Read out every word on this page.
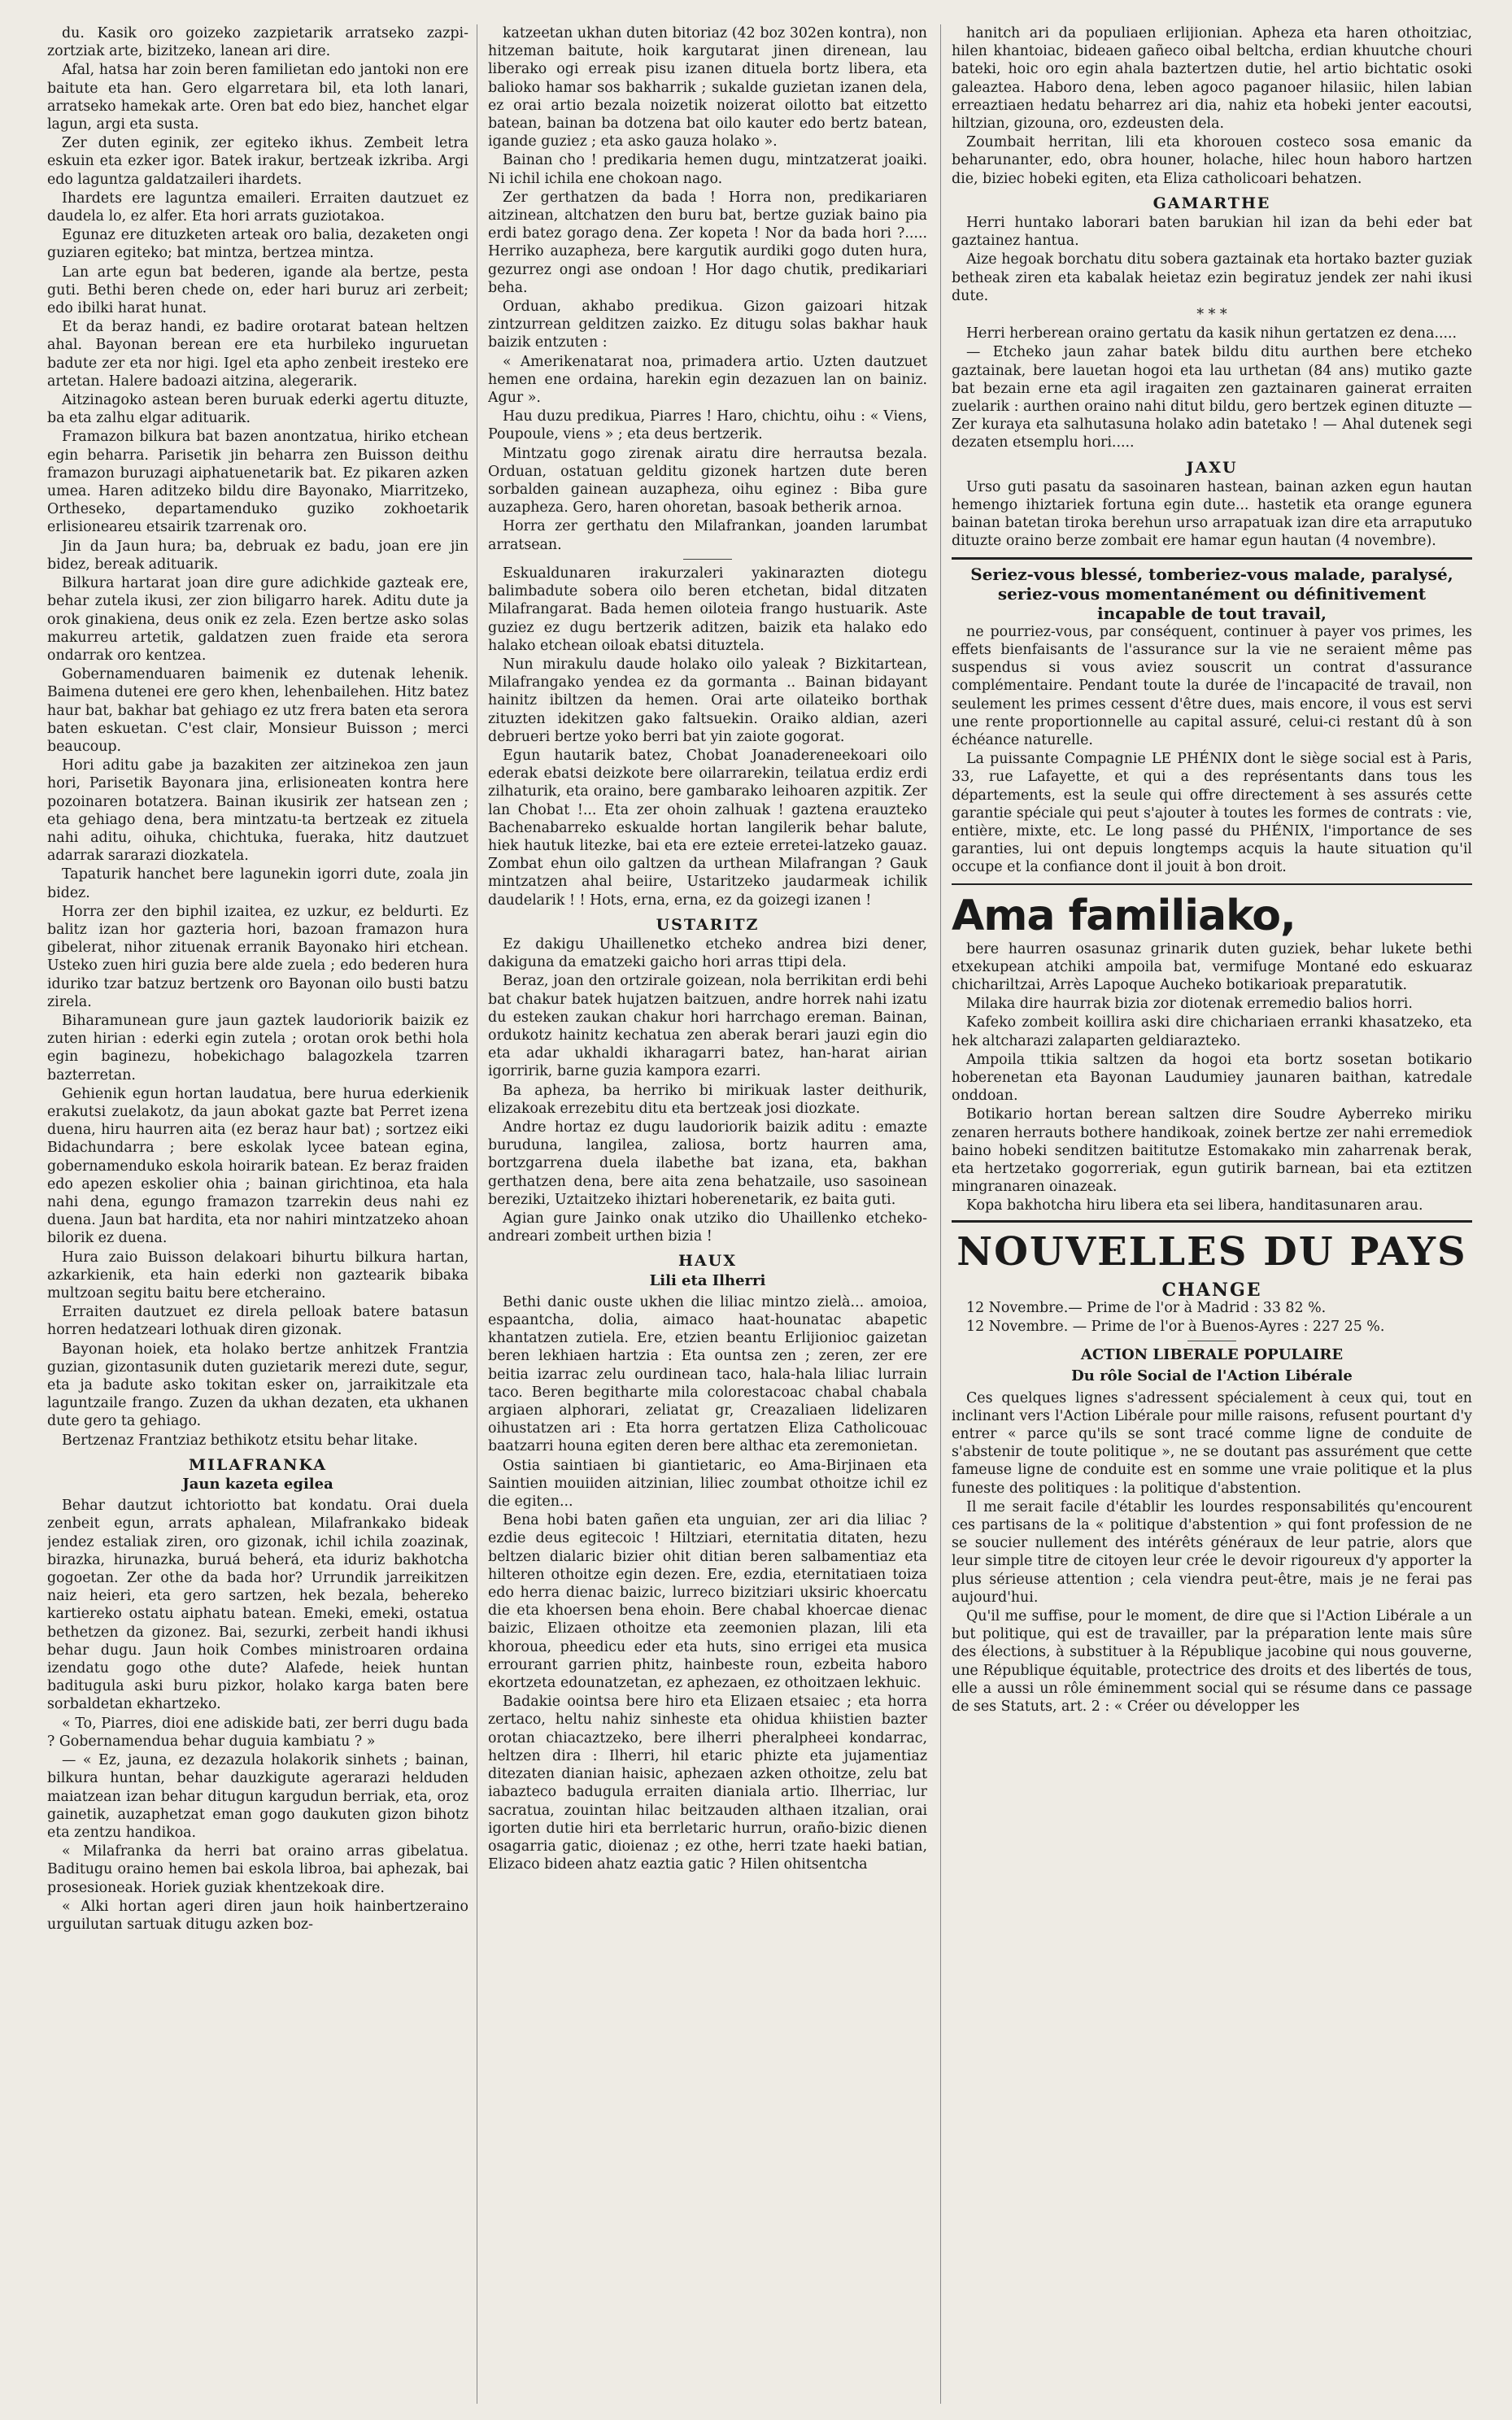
du. Kasik oro goizeko zazpietarik arratseko zazpi-zortziak arte, bizitzeko, lanean ari dire.

Afal, hatsa har zoin beren familietan edo jantoki non ere baitute eta han. Gero elgarretara bil, eta loth lanari, arratseko hamekak arte. Oren bat edo biez, hanchet elgar lagun, argi eta susta.

Zer duten eginik, zer egiteko ikhus. Zembeit letra eskuin eta ezker igor. Batek irakur, bertzeak izkriba. Argi edo laguntza galdatzaileri ihardets.

Ihardets ere laguntza emaileri. Erraiten dautzuet ez daudela lo, ez alfer. Eta hori arrats guziotakoa.

Egunaz ere dituzketen arteak oro balia, dezaketen ongi guziaren egiteko; bat mintza, bertzea mintza.

Lan arte egun bat bederen, igande ala bertze, pesta guti. Bethi beren chede on, eder hari buruz ari zerbeit; edo ibilki harat hunat.

Et da beraz handi, ez badire orotarat batean heltzen ahal. Bayonan berean ere eta hurbileko inguruetan badute zer eta nor higi. Igel eta apho zenbeit iresteko ere artetan. Halere badoazi aitzina, alegerarik.

Aitzinagoko astean beren buruak ederki agertu dituzte, ba eta zalhu elgar adituarik.

Framazon bilkura bat bazen anontzatua, hiriko etchean egin beharra. Parisetik jin beharra zen Buisson deithu framazon buruzagi aiphatuenetarik bat. Ez pikaren azken umea. Haren aditzeko bildu dire Bayonako, Miarritzeko, Ortheseko, departamenduko guziko zokhoetarik erlisioneareu etsairik tzarrenak oro.

Jin da Jaun hura; ba, debruak ez badu, joan ere jin bidez, bereak adituarik.

Bilkura hartarat joan dire gure adichkide gazteak ere, behar zutela ikusi, zer zion biligarro harek. Aditu dute ja orok ginakiena, deus onik ez zela. Ezen bertze asko solas makurreu artetik, galdatzen zuen fraide eta serora ondarrak oro kentzea.

Gobernamenduaren baimenik ez dutenak lehenik. Baimena dutenei ere gero khen, lehenbailehen. Hitz batez haur bat, bakhar bat gehiago ez utz frera baten eta serora baten eskuetan. C'est clair, Monsieur Buisson ; merci beaucoup.

Hori aditu gabe ja bazakiten zer aitzinekoa zen jaun hori, Parisetik Bayonara jina, erlisioneaten kontra here pozoinaren botatzera. Bainan ikusirik zer hatsean zen ; eta gehiago dena, bera mintzatu-ta bertzeak ez zituela nahi aditu, oihuka, chichtuka, fueraka, hitz dautzuet adarrak sararazi diozkatela.

Tapaturik hanchet bere lagunekin igorri dute, zoala jin bidez.

Horra zer den biphil izaitea, ez uzkur, ez beldurti. Ez balitz izan hor gazteria hori, bazoan framazon hura gibelerat, nihor zituenak erranik Bayonako hiri etchean. Usteko zuen hiri guzia bere alde zuela ; edo bederen hura iduriko tzar batzuz bertzenk oro Bayonan oilo busti batzu zirela.

Biharamunean gure jaun gaztek laudoriorik baizik ez zuten hirian : ederki egin zutela ; orotan orok bethi hola egin baginezu, hobekichago balagozkela tzarren bazterretan.

Gehienik egun hortan laudatua, bere hurua ederkienik erakutsi zuelakotz, da jaun abokat gazte bat Perret izena duena, hiru haurren aita (ez beraz haur bat) ; sortzez eiki Bidachundarra ; bere eskolak lycee batean egina, gobernamenduko eskola hoirarik batean. Ez beraz fraiden edo apezen eskolier ohia ; bainan girichtinoa, eta hala nahi dena, egungo framazon tzarrekin deus nahi ez duena. Jaun bat hardita, eta nor nahiri mintzatzeko ahoan bilorik ez duena.

Hura zaio Buisson delakoari bihurtu bilkura hartan, azkarkienik, eta hain ederki non gaztearik bibaka multzoan segitu baitu bere etcheraino.

Erraiten dautzuet ez direla pelloak batere batasun horren hedatzeari lothuak diren gizonak.

Bayonan hoiek, eta holako bertze anhitzek Frantzia guzian, gizontasunik duten guzietarik merezi dute, segur, eta ja badute asko tokitan esker on, jarraikitzale eta laguntzaile frango. Zuzen da ukhan dezaten, eta ukhanen dute gero ta gehiago.

Bertzenaz Frantziaz bethikotz etsitu behar litake.

MILAFRANKA
Jaun kazeta egilea

Behar dautzut ichtoriotto bat kondatu. Orai duela zenbeit egun, arrats aphalean, Milafrankako bideak jendez estaliak ziren, oro gizonak, ichil ichila zoazinak, birazka, hirunazka, buruá beherá, eta iduriz bakhotcha gogoetan. Zer othe da bada hor? Urrundik jarreikitzen naiz heieri, eta gero sartzen, hek bezala, behereko kartiereko ostatu aiphatu batean. Emeki, emeki, ostatua bethetzen da gizonez. Bai, sezurki, zerbeit handi ikhusi behar dugu. Jaun hoik Combes ministroaren ordaina izendatu gogo othe dute? Alafede, heiek huntan baditugula aski buru pizkor, holako karga baten bere sorbaldetan ekhartzeko.

« To, Piarres, dioi ene adiskide bati, zer berri dugu bada ? Gobernamendua behar duguia kambiatu ? »

— « Ez, jauna, ez dezazula holakorik sinhets ; bainan, bilkura huntan, behar dauzkigute agerarazi helduden maiatzean izan behar ditugun kargudun berriak, eta, oroz gainetik, auzaphetzat eman gogo daukuten gizon bihotz eta zentzu handikoa.

« Milafranka da herri bat oraino arras gibelatua. Baditugu oraino hemen bai eskola libroa, bai aphezak, bai prosesioneak. Horiek guziak khentzekoak dire.

« Alki hortan ageri diren jaun hoik hainbertzeraino urguilutan sartuak ditugu azken boz-

katzeetan ukhan duten bitoriaz (42 boz 302en kontra), non hitzeman baitute, hoik kargutarat jinen direnean, lau liberako ogi erreak pisu izanen dituela bortz libera, eta balioko hamar sos bakharrik ; sukalde guzietan izanen dela, ez orai artio bezala noizetik noizerat oilotto bat eitzetto batean, bainan ba dotzena bat oilo kauter edo bertz batean, igande guziez ; eta asko gauza holako ».

Bainan cho ! predikaria hemen dugu, mintzatzerat joaiki. Ni ichil ichila ene chokoan nago.

Zer gerthatzen da bada ! Horra non, predikariaren aitzinean, altchatzen den buru bat, bertze guziak baino pia erdi batez gorago dena. Zer kopeta ! Nor da bada hori ?..... Herriko auzapheza, bere kargutik aurdiki gogo duten hura, gezurrez ongi ase ondoan ! Hor dago chutik, predikariari beha.

Orduan, akhabo predikua. Gizon gaizoari hitzak zintzurrean gelditzen zaizko. Ez ditugu solas bakhar hauk baizik entzuten :

« Amerikenatarat noa, primadera artio. Uzten dautzuet hemen ene ordaina, harekin egin dezazuen lan on bainiz. Agur ».

Hau duzu predikua, Piarres ! Haro, chichtu, oihu : « Viens, Poupoule, viens » ; eta deus bertzerik.

Mintzatu gogo zirenak airatu dire herrautsa bezala. Orduan, ostatuan gelditu gizonek hartzen dute beren sorbalden gainean auzapheza, oihu eginez : Biba gure auzapheza. Gero, haren ohoretan, basoak betherik arnoa.

Horra zer gerthatu den Milafrankan, joanden larumbat arratsean.

Eskualdunaren irakurzaleri yakinarazten diotegu balimbadute sobera oilo beren etchetan, bidal ditzaten Milafrangarat. Bada hemen oiloteia frango hustuarik. Aste guziez ez dugu bertzerik aditzen, baizik eta halako edo halako etchean oiloak ebatsi dituztela.

Nun mirakulu daude holako oilo yaleak ? Bizkitartean, Milafrangako yendea ez da gormanta .. Bainan bidayant hainitz ibiltzen da hemen. Orai arte oilateiko borthak zituzten idekitzen gako faltsuekin. Oraiko aldian, azeri debrueri bertze yoko berri bat yin zaiote gogorat.

Egun hautarik batez, Chobat Joanadereneekoari oilo ederak ebatsi deizkote bere oilarrarekin, teilatua erdiz erdi zilhaturik, eta oraino, bere gambarako leihoaren azpitik. Zer lan Chobat !... Eta zer ohoin zalhuak ! gaztena erauzteko Bachenabarreko eskualde hortan langilerik behar balute, hiek hautuk litezke, bai eta ere ezteie erretei-latzeko gauaz. Zombat ehun oilo galtzen da urthean Milafrangan ? Gauk mintzatzen ahal beiire, Ustaritzeko jaudarmeak ichilik daudelarik ! ! Hots, erna, erna, ez da goizegi izanen !

USTARITZ

Ez dakigu Uhaillenetko etcheko andrea bizi dener, dakiguna da ematzeki gaicho hori arras ttipi dela.

Beraz, joan den ortzirale goizean, nola berrikitan erdi behi bat chakur batek hujatzen baitzuen, andre horrek nahi izatu du esteken zaukan chakur hori harrchago ereman. Bainan, ordukotz hainitz kechatua zen aberak berari jauzi egin dio eta adar ukhaldi ikharagarri batez, han-harat airian igorririk, barne guzia kampora ezarri.

Ba apheza, ba herriko bi mirikuak laster deithurik, elizakoak errezebitu ditu eta bertzeak josi diozkate.

Andre hortaz ez dugu laudoriorik baizik aditu : emazte buruduna, langilea, zaliosa, bortz haurren ama, bortzgarrena duela ilabethe bat izana, eta, bakhan gerthatzen dena, bere aita zena behatzaile, uso sasoinean bereziki, Uztaitzeko ihiztari hoberenetarik, ez baita guti.

Agian gure Jainko onak utziko dio Uhaillenko etcheko-andreari zombeit urthen bizia !

HAUX
Lili eta Ilherri

Bethi danic ouste ukhen die liliac mintzo zielà... amoioa, espaantcha, dolia, aimaco haat-hounatac abapetic khantatzen zutiela. Ere, etzien beantu Erlijionioc gaizetan beren lekhiaen hartzia : Eta ountsa zen ; zeren, zer ere beitia izarrac zelu ourdinean taco, hala-hala liliac lurrain taco. Beren begitharte mila colorestacoac chabal chabala argiaen alphorari, zeliatat gr, Creazaliaen lidelizaren oihustatzen ari : Eta horra gertatzen Eliza Catholicouac baatzarri houna egiten deren bere althac eta zeremonietan.

Ostia saintiaen bi giantietaric, eo Ama-Birjinaen eta Saintien mouiiden aitzinian, liliec zoumbat othoitze ichil ez die egiten...

Bena hobi baten gañen eta unguian, zer ari dia liliac ? ezdie deus egitecoic ! Hiltziari, eternitatia ditaten, hezu beltzen dialaric bizier ohit ditian beren salbamentiaz eta hilteren othoitze egin dezen. Ere, ezdia, eternitatiaen toiza edo herra dienac baizic, lurreco bizitziari uksiric khoercatu die eta khoersen bena ehoin. Bere chabal khoercae dienac baizic, Elizaen othoitze eta zeemonien plazan, lili eta khoroua, pheedicu eder eta huts, sino errigei eta musica errourant garrien phitz, hainbeste roun, ezbeita haboro ekortzeta edounatzetan, ez aphezaen, ez othoitzaen lekhuic.

Badakie oointsa bere hiro eta Elizaen etsaiec ; eta horra zertaco, heltu nahiz sinheste eta ohidua khiistien bazter orotan chiacaztzeko, bere ilherri pheralpheei kondarrac, heltzen dira : Ilherri, hil etaric phizte eta jujamentiaz ditezaten dianian haisic, aphezaen azken othoitze, zelu bat iabazteco badugula erraiten dianiala artio. Ilherriac, lur sacratua, zouintan hilac beitzauden althaen itzalian, orai igorten dutie hiri eta berrletaric hurrun, oraño-bizic dienen osagarria gatic, dioienaz ; ez othe, herri tzate haeki batian, Elizaco bideen ahatz eaztia gatic ? Hilen ohitsentcha

hanitch ari da populiaen erlijionian. Apheza eta haren othoitziac, hilen khantoiac, bideaen gañeco oibal beltcha, erdian khuutche chouri bateki, hoic oro egin ahala baztertzen dutie, hel artio bichtatic osoki galeaztea. Haboro dena, leben agoco paganoer hilasiic, hilen labian erreaztiaen hedatu beharrez ari dia, nahiz eta hobeki jenter eacoutsi, hiltzian, gizouna, oro, ezdeusten dela.

Zoumbait herritan, lili eta khorouen costeco sosa emanic da beharunanter, edo, obra houner, holache, hilec houn haboro hartzen die, biziec hobeki egiten, eta Eliza catholicoari behatzen.

GAMARTHE

Herri huntako laborari baten barukian hil izan da behi eder bat gaztainez hantua.

Aize hegoak borchatu ditu sobera gaztainak eta hortako bazter guziak betheak ziren eta kabalak heietaz ezin begiratuz jendek zer nahi ikusi dute.

* * *

Herri herberean oraino gertatu da kasik nihun gertatzen ez dena.....

— Etcheko jaun zahar batek bildu ditu aurthen bere etcheko gaztainak, bere lauetan hogoi eta lau urthetan (84 ans) mutiko gazte bat bezain erne eta agil iragaiten zen gaztainaren gainerat erraiten zuelarik : aurthen oraino nahi ditut bildu, gero bertzek eginen dituzte — Zer kuraya eta salhutasuna holako adin batetako ! — Ahal dutenek segi dezaten etsemplu hori.....

JAXU

Urso guti pasatu da sasoinaren hastean, bainan azken egun hautan hemengo ihiztariek fortuna egin dute... hastetik eta orange egunera bainan batetan tiroka berehun urso arrapatuak izan dire eta arraputuko dituzte oraino berze zombait ere hamar egun hautan (4 novembre).

Seriez-vous blessé, tomberiez-vous malade, paralysé, seriez-vous momentanément ou définitivement incapable de tout travail,

ne pourriez-vous, par conséquent, continuer à payer vos primes, les effets bienfaisants de l'assurance sur la vie ne seraient même pas suspendus si vous aviez souscrit un contrat d'assurance complémentaire. Pendant toute la durée de l'incapacité de travail, non seulement les primes cessent d'être dues, mais encore, il vous est servi une rente proportionnelle au capital assuré, celui-ci restant dû à son échéance naturelle.

La puissante Compagnie LE PHÉNIX dont le siège social est à Paris, 33, rue Lafayette, et qui a des représentants dans tous les départements, est la seule qui offre directement à ses assurés cette garantie spéciale qui peut s'ajouter à toutes les formes de contrats : vie, entière, mixte, etc. Le long passé du PHÉNIX, l'importance de ses garanties, lui ont depuis longtemps acquis la haute situation qu'il occupe et la confiance dont il jouit à bon droit.

Ama familiako,

bere haurren osasunaz grinarik duten guziek, behar lukete bethi etxekupean atchiki ampoila bat, vermifuge Montané edo eskuaraz chichariltzai, Arrès Lapoque Aucheko botikarioak preparatutik.

Milaka dire haurrak bizia zor diotenak erremedio balios horri.

Kafeko zombeit koillira aski dire chichariaen erranki khasatzeko, eta hek altcharazi zalaparten geldiarazteko.

Ampoila ttikia saltzen da hogoi eta bortz sosetan botikario hoberenetan eta Bayonan Laudumiey jaunaren baithan, katredale onddoan.

Botikario hortan berean saltzen dire Soudre Ayberreko miriku zenaren herrauts bothere handikoak, zoinek bertze zer nahi erremediok baino hobeki senditzen baititutze Estomakako min zaharrenak berak, eta hertzetako gogorreriak, egun gutirik barnean, bai eta eztitzen mingranaren oinazeak.

Kopa bakhotcha hiru libera eta sei libera, handitasunaren arau.

NOUVELLES DU PAYS
CHANGE

12 Novembre.— Prime de l'or à Madrid : 33 82 %.

12 Novembre. — Prime de l'or à Buenos-Ayres : 227 25 %.

ACTION LIBERALE POPULAIRE
Du rôle Social de l'Action Libérale

Ces quelques lignes s'adressent spécialement à ceux qui, tout en inclinant vers l'Action Libérale pour mille raisons, refusent pourtant d'y entrer « parce qu'ils se sont tracé comme ligne de conduite de s'abstenir de toute politique », ne se doutant pas assurément que cette fameuse ligne de conduite est en somme une vraie politique et la plus funeste des politiques : la politique d'abstention.

Il me serait facile d'établir les lourdes responsabilités qu'encourent ces partisans de la « politique d'abstention » qui font profession de ne se soucier nullement des intérêts généraux de leur patrie, alors que leur simple titre de citoyen leur crée le devoir rigoureux d'y apporter la plus sérieuse attention ; cela viendra peut-être, mais je ne ferai pas aujourd'hui.

Qu'il me suffise, pour le moment, de dire que si l'Action Libérale a un but politique, qui est de travailler, par la préparation lente mais sûre des élections, à substituer à la République jacobine qui nous gouverne, une République équitable, protectrice des droits et des libertés de tous, elle a aussi un rôle éminemment social qui se résume dans ce passage de ses Statuts, art. 2 : « Créer ou développer les
